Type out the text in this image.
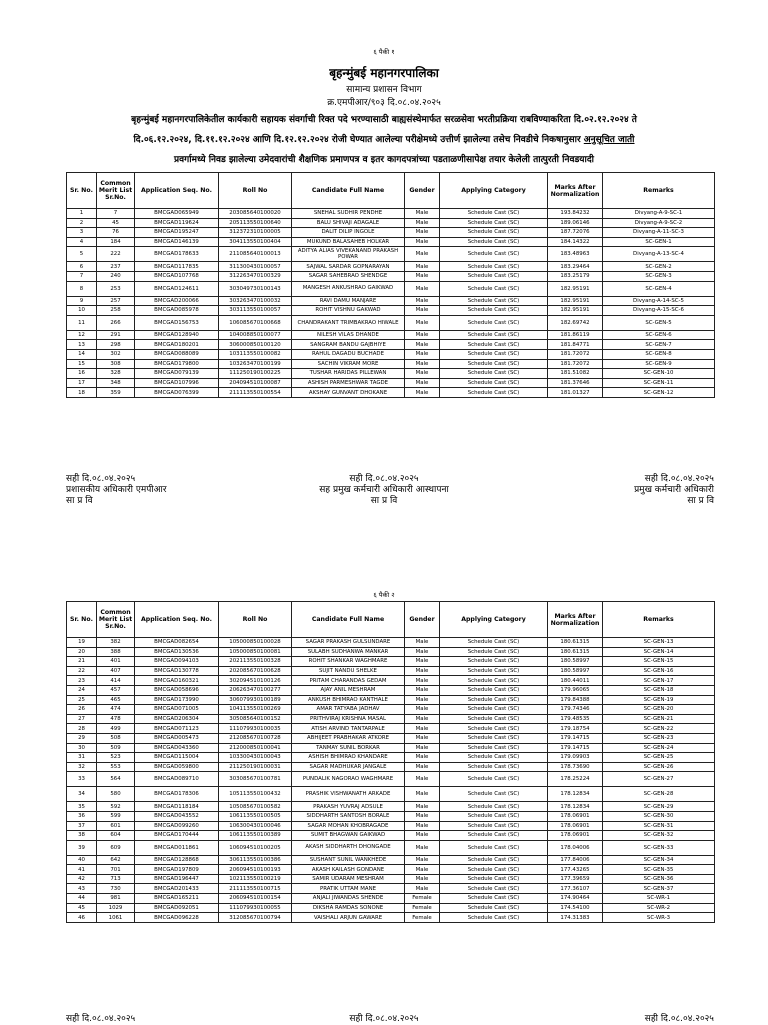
६ पैकी १
बृहन्मुंबई महानगरपालिका
सामान्य प्रशासन विभाग
क्र.एमपीआर/९०३ दि.०८.०४.२०२५
बृहन्मुंबई महानगरपालिकेतील कार्यकारी सहायक संवर्गाची रिक्त पदे भरण्यासाठी बाह्यसंस्थेमार्फत सरळसेवा भरतीप्रक्रिया राबविण्याकरिता दि.०२.१२.२०२४ ते
दि.०६.१२.२०२४, दि.११.१२.२०२४ आणि दि.१२.१२.२०२४ रोजी घेण्यात आलेल्या परीक्षेमध्ये उत्तीर्ण झालेल्या तसेच निवडीचे निकषानुसार अनुसूचित जाती
प्रवर्गामध्ये निवड झालेल्या उमेदवारांची शैक्षणिक प्रमाणपत्र व इतर कागदपत्रांच्या पडताळणीसापेक्ष तयार केलेली तात्पुरती निवडयादी
Sr. No.	Common Merit List Sr.No.	Application Seq. No.	Roll No	Candidate Full Name	Gender	Applying Category	Marks After Normalization	Remarks
1	7	BMCGAD065949	203085640100020	SNEHAL SUDHIR PENDHE	Male	Schedule Cast (SC)	193.84232	Divyang-A-9-SC-1
2	45	BMCGAD119624	205113550100640	BALU SHIVAJI ADAGALE	Male	Schedule Cast (SC)	189.06146	Divyang-A-9-SC-2
3	76	BMCGAD195247	312372310100005	DALIT DILIP INGOLE	Male	Schedule Cast (SC)	187.72076	Divyang-A-11-SC-3
4	184	BMCGAD146139	304113550100404	MUKUND BALASAHEB HOLKAR	Male	Schedule Cast (SC)	184.14322	SC-GEN-1
5	222	BMCGAD178633	211085640100013	ADITYA ALIAS VIVEKANAND PRAKASH POWAR	Male	Schedule Cast (SC)	183.48963	Divyang-A-13-SC-4
6	237	BMCGAD117835	311300430100057	SAJWAL SARDAR GOPNARAYAN	Male	Schedule Cast (SC)	183.29464	SC-GEN-2
7	240	BMCGAD107768	312263470100329	SAGAR SAHEBRAO SHENDGE	Male	Schedule Cast (SC)	183.25179	SC-GEN-3
8	253	BMCGAD124611	303049730100143	MANGESH ANKUSHRAO GAIKWAD	Male	Schedule Cast (SC)	182.95191	SC-GEN-4
9	257	BMCGAD200066	303263470100032	RAVI DAMU MANJARE	Male	Schedule Cast (SC)	182.95191	Divyang-A-14-SC-5
10	258	BMCGAD085978	303113550100057	ROHIT VISHNU GAKWAD	Male	Schedule Cast (SC)	182.95191	Divyang-A-15-SC-6
11	266	BMCGAD156753	106085670100668	CHANDRAKANT TRIMBAKRAO HIWALE	Male	Schedule Cast (SC)	182.69742	SC-GEN-5
12	291	BMCGAD128940	104008850100077	NILESH VILAS DHANDE	Male	Schedule Cast (SC)	181.86119	SC-GEN-6
13	298	BMCGAD180201	306000850100120	SANGRAM BANDU GAJBHIYE	Male	Schedule Cast (SC)	181.84771	SC-GEN-7
14	302	BMCGAD088089	103113550100082	RAHUL DAGADU BUCHADE	Male	Schedule Cast (SC)	181.72072	SC-GEN-8
15	308	BMCGAD179800	103263470100199	SACHIN VIKRAM MORE	Male	Schedule Cast (SC)	181.72072	SC-GEN-9
16	328	BMCGAD079139	111250190100225	TUSHAR HARIDAS PILLEWAN	Male	Schedule Cast (SC)	181.51082	SC-GEN-10
17	348	BMCGAD107996	204094510100087	ASHISH PARMESHWAR TAGDE	Male	Schedule Cast (SC)	181.37646	SC-GEN-11
18	359	BMCGAD076399	211113550100554	AKSHAY GUNVANT DHOKANE	Male	Schedule Cast (SC)	181.01327	SC-GEN-12
सही दि.०८.०४.२०२५
प्रशासकीय अधिकारी एमपीआर
सा प्र वि
सही दि.०८.०४.२०२५
सह प्रमुख कर्मचारी अधिकारी आस्थापना
सा प्र वि
सही दि.०८.०४.२०२५
प्रमुख कर्मचारी अधिकारी
सा प्र वि
६ पैकी २
Sr. No.	Common Merit List Sr.No.	Application Seq. No.	Roll No	Candidate Full Name	Gender	Applying Category	Marks After Normalization	Remarks
19	382	BMCGAD082654	105000850100028	SAGAR PRAKASH GULSUNDARE	Male	Schedule Cast (SC)	180.61315	SC-GEN-13
20	388	BMCGAD130536	105000850100081	SULABH SUDHANWA MANKAR	Male	Schedule Cast (SC)	180.61315	SC-GEN-14
21	401	BMCGAD094103	202113550100328	ROHIT SHANKAR WAGHMARE	Male	Schedule Cast (SC)	180.58997	SC-GEN-15
22	407	BMCGAD130778	202085670100628	SUJIT NANDU SHELKE	Male	Schedule Cast (SC)	180.58997	SC-GEN-16
23	414	BMCGAD160321	302094510100126	PRITAM CHARANDAS GEDAM	Male	Schedule Cast (SC)	180.44011	SC-GEN-17
24	457	BMCGAD058696	206263470100277	AJAY ANIL MESHRAM	Male	Schedule Cast (SC)	179.96065	SC-GEN-18
25	465	BMCGAD173990	306079930100189	ANKUSH BHIMRAO KANTHALE	Male	Schedule Cast (SC)	179.84388	SC-GEN-19
26	474	BMCGAD071005	104113550100269	AMAR TATYABA JADHAV	Male	Schedule Cast (SC)	179.74346	SC-GEN-20
27	478	BMCGAD206304	305085640100152	PRITHVIRAJ KRISHNA MASAL	Male	Schedule Cast (SC)	179.48535	SC-GEN-21
28	499	BMCGAD071123	111079930100035	ATISH ARVIND TANTARPALE	Male	Schedule Cast (SC)	179.18754	SC-GEN-22
29	508	BMCGAD005473	212085670100728	ABHIJEET PRABHAKAR ATKORE	Male	Schedule Cast (SC)	179.14715	SC-GEN-23
30	509	BMCGAD043360	212000850100041	TANMAY SUNIL BORKAR	Male	Schedule Cast (SC)	179.14715	SC-GEN-24
31	523	BMCGAD115004	103300430100043	ASHISH BHIMRAO KHANDARE	Male	Schedule Cast (SC)	179.09903	SC-GEN-25
32	553	BMCGAD059800	211250190100031	SAGAR MADHUKAR JANGALE	Male	Schedule Cast (SC)	178.73690	SC-GEN-26
33	564	BMCGAD089710	303085670100781	PUNDALIK NAGORAO WAGHMARE	Male	Schedule Cast (SC)	178.25224	SC-GEN-27
34	580	BMCGAD178306	105113550100432	PRASHIK VISHWANATH ARKADE	Male	Schedule Cast (SC)	178.12834	SC-GEN-28
35	592	BMCGAD118184	105085670100582	PRAKASH YUVRAJ ADSULE	Male	Schedule Cast (SC)	178.12834	SC-GEN-29
36	599	BMCGAD043552	106113550100505	SIDDHARTH SANTOSH BORALE	Male	Schedule Cast (SC)	178.06901	SC-GEN-30
37	601	BMCGAD099260	106300430100046	SAGAR MOHAN KHOBRAGADE	Male	Schedule Cast (SC)	178.06901	SC-GEN-31
38	604	BMCGAD170444	106113550100389	SUMIT BHAGWAN GAIKWAD	Male	Schedule Cast (SC)	178.06901	SC-GEN-32
39	609	BMCGAD011861	106094510100205	AKASH SIDDHARTH DHONGADE	Male	Schedule Cast (SC)	178.04006	SC-GEN-33
40	642	BMCGAD128868	306113550100386	SUSHANT SUNIL WANKHEDE	Male	Schedule Cast (SC)	177.84006	SC-GEN-34
41	701	BMCGAD197809	206094510100193	AKASH KAILASH GONDANE	Male	Schedule Cast (SC)	177.43265	SC-GEN-35
42	713	BMCGAD196447	102113550100219	SAMIR UDARAM MESHRAM	Male	Schedule Cast (SC)	177.39659	SC-GEN-36
43	730	BMCGAD201433	211113550100715	PRATIK UTTAM MANE	Male	Schedule Cast (SC)	177.36107	SC-GEN-37
44	981	BMCGAD165211	206094510100154	ANJALI JIWANDAS SHENDE	Female	Schedule Cast (SC)	174.90464	SC-WR-1
45	1029	BMCGAD092051	111079930100055	DIKSHA RAMDAS SONONE	Female	Schedule Cast (SC)	174.54100	SC-WR-2
46	1061	BMCGAD096228	312085670100794	VAISHALI ARJUN GAWARE	Female	Schedule Cast (SC)	174.31383	SC-WR-3
सही दि.०८.०४.२०२५	सही दि.०८.०४.२०२५	सही दि.०८.०४.२०२५
